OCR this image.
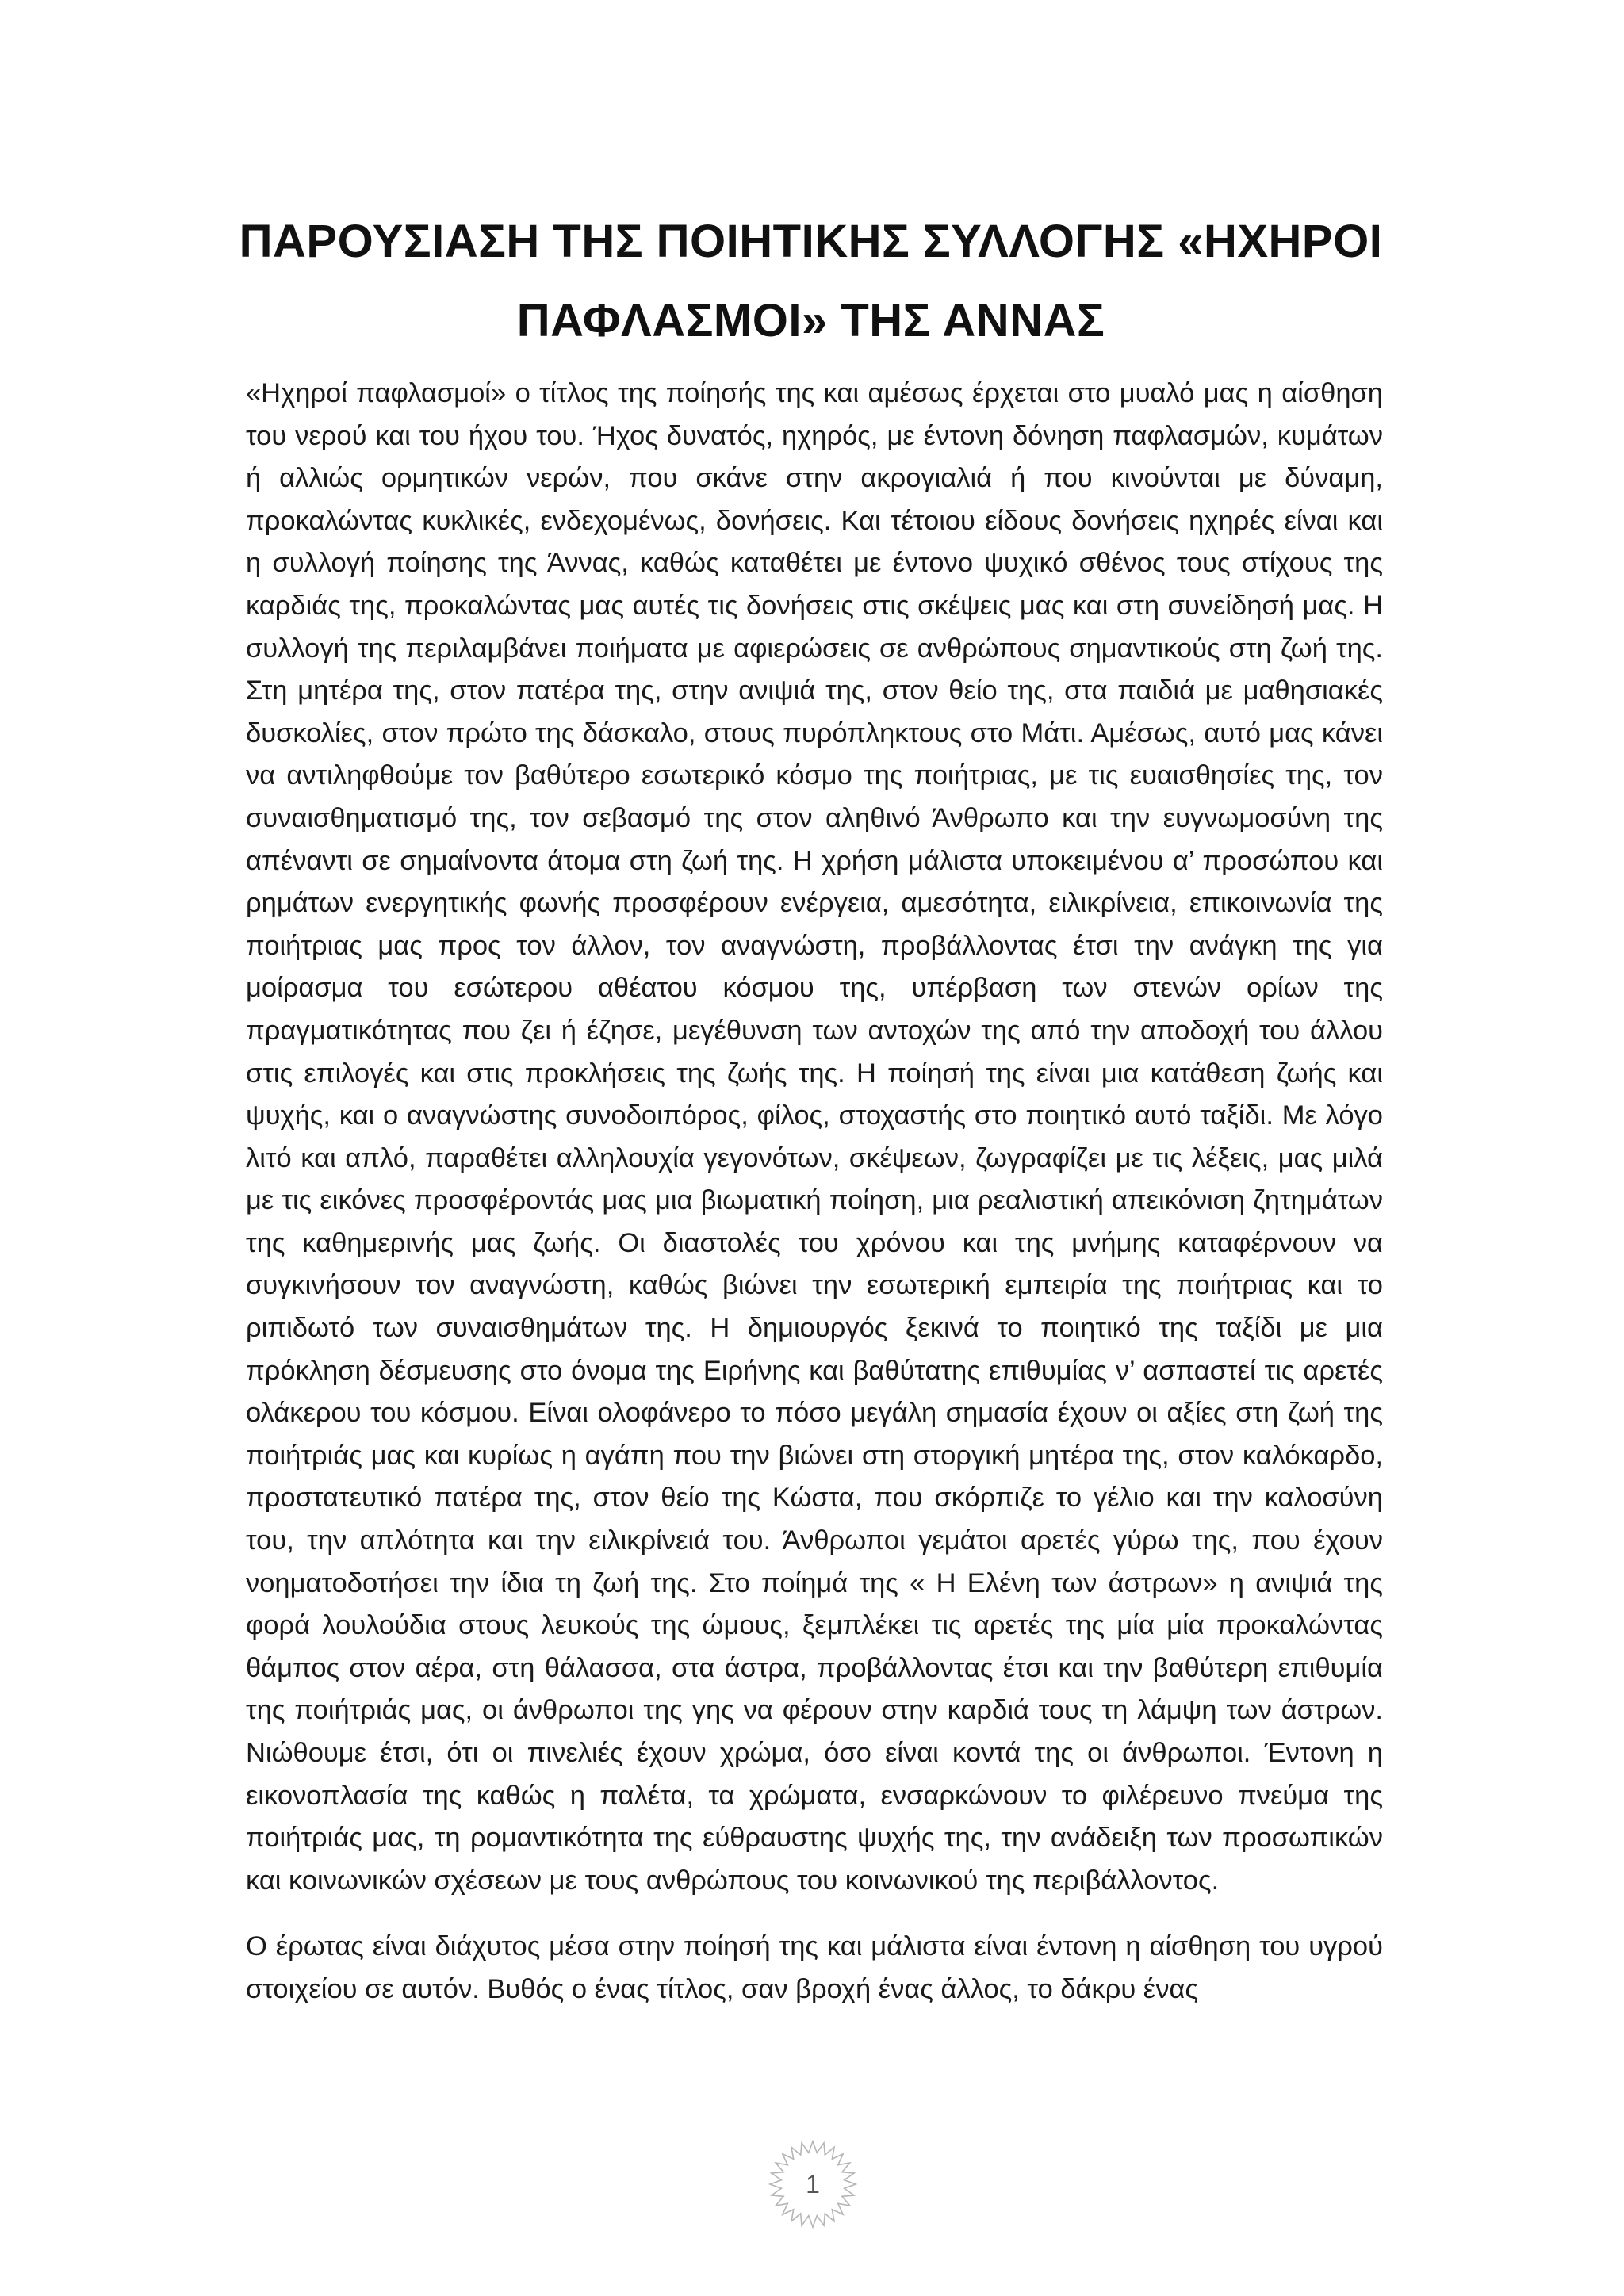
ΠΑΡΟΥΣΙΑΣΗ ΤΗΣ ΠΟΙΗΤΙΚΗΣ ΣΥΛΛΟΓΗΣ «ΗΧΗΡΟΙ ΠΑΦΛΑΣΜΟΙ» ΤΗΣ ΑΝΝΑΣ

«Ηχηροί παφλασμοί» ο τίτλος της ποίησής της και αμέσως έρχεται στο μυαλό μας η αίσθηση του νερού και του ήχου του. Ήχος δυνατός, ηχηρός, με έντονη δόνηση παφλασμών, κυμάτων ή αλλιώς ορμητικών νερών, που σκάνε στην ακρογιαλιά ή που κινούνται με δύναμη, προκαλώντας κυκλικές, ενδεχομένως, δονήσεις. Και τέτοιου είδους δονήσεις ηχηρές είναι και η συλλογή ποίησης της Άννας, καθώς καταθέτει με έντονο ψυχικό σθένος τους στίχους της καρδιάς της, προκαλώντας μας αυτές τις δονήσεις στις σκέψεις μας και στη συνείδησή μας. Η συλλογή της περιλαμβάνει ποιήματα με αφιερώσεις σε ανθρώπους σημαντικούς στη ζωή της. Στη μητέρα της, στον πατέρα της, στην ανιψιά της, στον θείο της, στα παιδιά με μαθησιακές δυσκολίες, στον πρώτο της δάσκαλο, στους πυρόπληκτους στο Μάτι. Αμέσως, αυτό μας κάνει να αντιληφθούμε τον βαθύτερο εσωτερικό κόσμο της ποιήτριας, με τις ευαισθησίες της, τον συναισθηματισμό της, τον σεβασμό της στον αληθινό Άνθρωπο και την ευγνωμοσύνη της απέναντι σε σημαίνοντα άτομα στη ζωή της. Η χρήση μάλιστα υποκειμένου α’ προσώπου και ρημάτων ενεργητικής φωνής προσφέρουν ενέργεια, αμεσότητα, ειλικρίνεια, επικοινωνία της ποιήτριας μας προς τον άλλον, τον αναγνώστη, προβάλλοντας έτσι την ανάγκη της για μοίρασμα του εσώτερου αθέατου κόσμου της, υπέρβαση των στενών ορίων της πραγματικότητας που ζει ή έζησε, μεγέθυνση των αντοχών της από την αποδοχή του άλλου στις επιλογές και στις προκλήσεις της ζωής της. Η ποίησή της είναι μια κατάθεση ζωής και ψυχής, και ο αναγνώστης συνοδοιπόρος, φίλος, στοχαστής στο ποιητικό αυτό ταξίδι. Με λόγο λιτό και απλό, παραθέτει αλληλουχία γεγονότων, σκέψεων, ζωγραφίζει με τις λέξεις, μας μιλά με τις εικόνες προσφέροντάς μας μια βιωματική ποίηση, μια ρεαλιστική απεικόνιση ζητημάτων της καθημερινής μας ζωής. Οι διαστολές του χρόνου και της μνήμης καταφέρνουν να συγκινήσουν τον αναγνώστη, καθώς βιώνει την εσωτερική εμπειρία της ποιήτριας και το ριπιδωτό των συναισθημάτων της. Η δημιουργός ξεκινά το ποιητικό της ταξίδι με μια πρόκληση δέσμευσης στο όνομα της Ειρήνης και βαθύτατης επιθυμίας ν’ ασπαστεί τις αρετές ολάκερου του κόσμου. Είναι ολοφάνερο το πόσο μεγάλη σημασία έχουν οι αξίες στη ζωή της ποιήτριάς μας και κυρίως η αγάπη που την βιώνει στη στοργική μητέρα της, στον καλόκαρδο, προστατευτικό πατέρα της, στον θείο της Κώστα, που σκόρπιζε το γέλιο και την καλοσύνη του, την απλότητα και την ειλικρίνειά του. Άνθρωποι γεμάτοι αρετές γύρω της, που έχουν νοηματοδοτήσει την ίδια τη ζωή της. Στο ποίημά της « Η Ελένη των άστρων» η ανιψιά της φορά λουλούδια στους λευκούς της ώμους, ξεμπλέκει τις αρετές της μία μία προκαλώντας θάμπος στον αέρα, στη θάλασσα, στα άστρα, προβάλλοντας έτσι και την βαθύτερη επιθυμία της ποιήτριάς μας, οι άνθρωποι της γης να φέρουν στην καρδιά τους τη λάμψη των άστρων. Νιώθουμε έτσι, ότι οι πινελιές έχουν χρώμα, όσο είναι κοντά της οι άνθρωποι. Έντονη η εικονοπλασία της καθώς η παλέτα, τα χρώματα, ενσαρκώνουν το φιλέρευνο πνεύμα της ποιήτριάς μας, τη ρομαντικότητα της εύθραυστης ψυχής της, την ανάδειξη των προσωπικών και κοινωνικών σχέσεων με τους ανθρώπους του κοινωνικού της περιβάλλοντος.

Ο έρωτας είναι διάχυτος μέσα στην ποίησή της και μάλιστα είναι έντονη η αίσθηση του υγρού στοιχείου σε αυτόν. Βυθός ο ένας τίτλος, σαν βροχή ένας άλλος, το δάκρυ ένας

1
